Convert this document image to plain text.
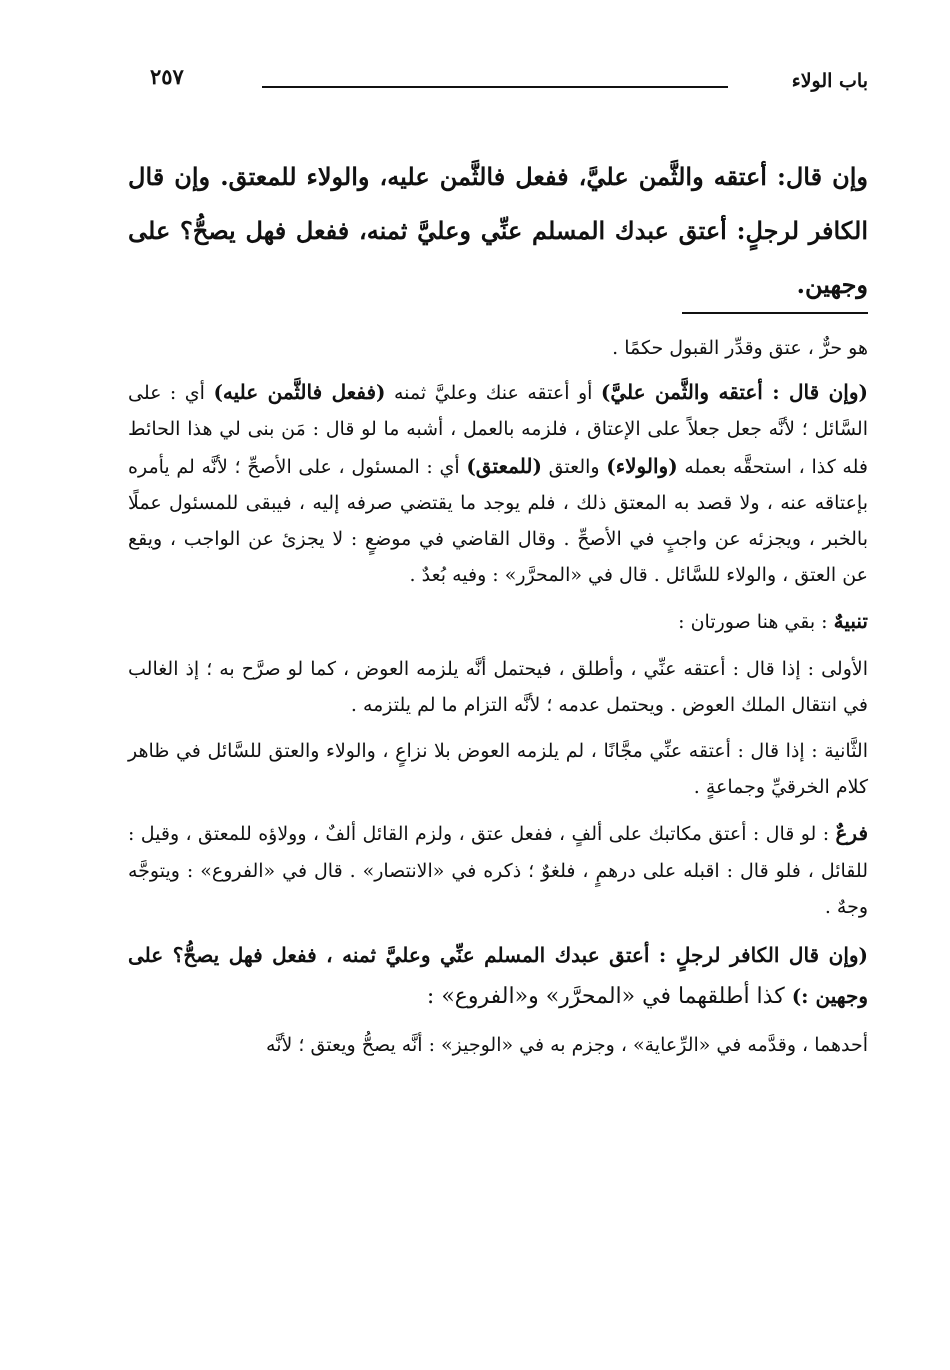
باب الولاء
٢٥٧
وإن قال: أعتقه والثَّمن عليَّ، ففعل فالثَّمن عليه، والولاء للمعتق. وإن قال الكافر لرجلٍ: أعتق عبدك المسلم عنِّي وعليَّ ثمنه، ففعل فهل يصحُّ؟ على وجهين.

هو حرٌّ ، عتق وقدِّر القبول حكمًا .

(وإن قال : أعتقه والثَّمن عليَّ) أو أعتقه عنك وعليَّ ثمنه (ففعل فالثَّمن عليه) أي : على السَّائل ؛ لأنَّه جعل جعلاً على الإعتاق ، فلزمه بالعمل ، أشبه ما لو قال : مَن بنى لي هذا الحائط فله كذا ، استحقَّه بعمله (والولاء) والعتق (للمعتق) أي : المسئول ، على الأصحِّ ؛ لأنَّه لم يأمره بإعتاقه عنه ، ولا قصد به المعتق ذلك ، فلم يوجد ما يقتضي صرفه إليه ، فيبقى للمسئول عملًا بالخبر ، ويجزئه عن واجبٍ في الأصحِّ . وقال القاضي في موضعٍ : لا يجزئ عن الواجب ، ويقع عن العتق ، والولاء للسَّائل . قال في «المحرَّر» : وفيه بُعدٌ .

تنبيهٌ : بقي هنا صورتان :

الأولى : إذا قال : أعتقه عنِّي ، وأطلق ، فيحتمل أنَّه يلزمه العوض ، كما لو صرَّح به ؛ إذ الغالب في انتقال الملك العوض . ويحتمل عدمه ؛ لأنَّه التزام ما لم يلتزمه .

الثَّانية : إذا قال : أعتقه عنِّي مجَّانًا ، لم يلزمه العوض بلا نزاعٍ ، والولاء والعتق للسَّائل في ظاهر كلام الخرقيِّ وجماعةٍ .

فرعٌ : لو قال : أعتق مكاتبك على ألفٍ ، ففعل عتق ، ولزم القائل ألفٌ ، وولاؤه للمعتق ، وقيل : للقائل ، فلو قال : اقبله على درهمٍ ، فلغوٌ ؛ ذكره في «الانتصار» . قال في «الفروع» : ويتوجَّه وجهٌ .

(وإن قال الكافر لرجلٍ : أعتق عبدك المسلم عنِّي وعليَّ ثمنه ، ففعل فهل يصحُّ؟ على وجهين :) كذا أطلقهما في «المحرَّر» و«الفروع» :

أحدهما ، وقدَّمه في «الرِّعاية» ، وجزم به في «الوجيز» : أنَّه يصحُّ ويعتق ؛ لأنَّه
